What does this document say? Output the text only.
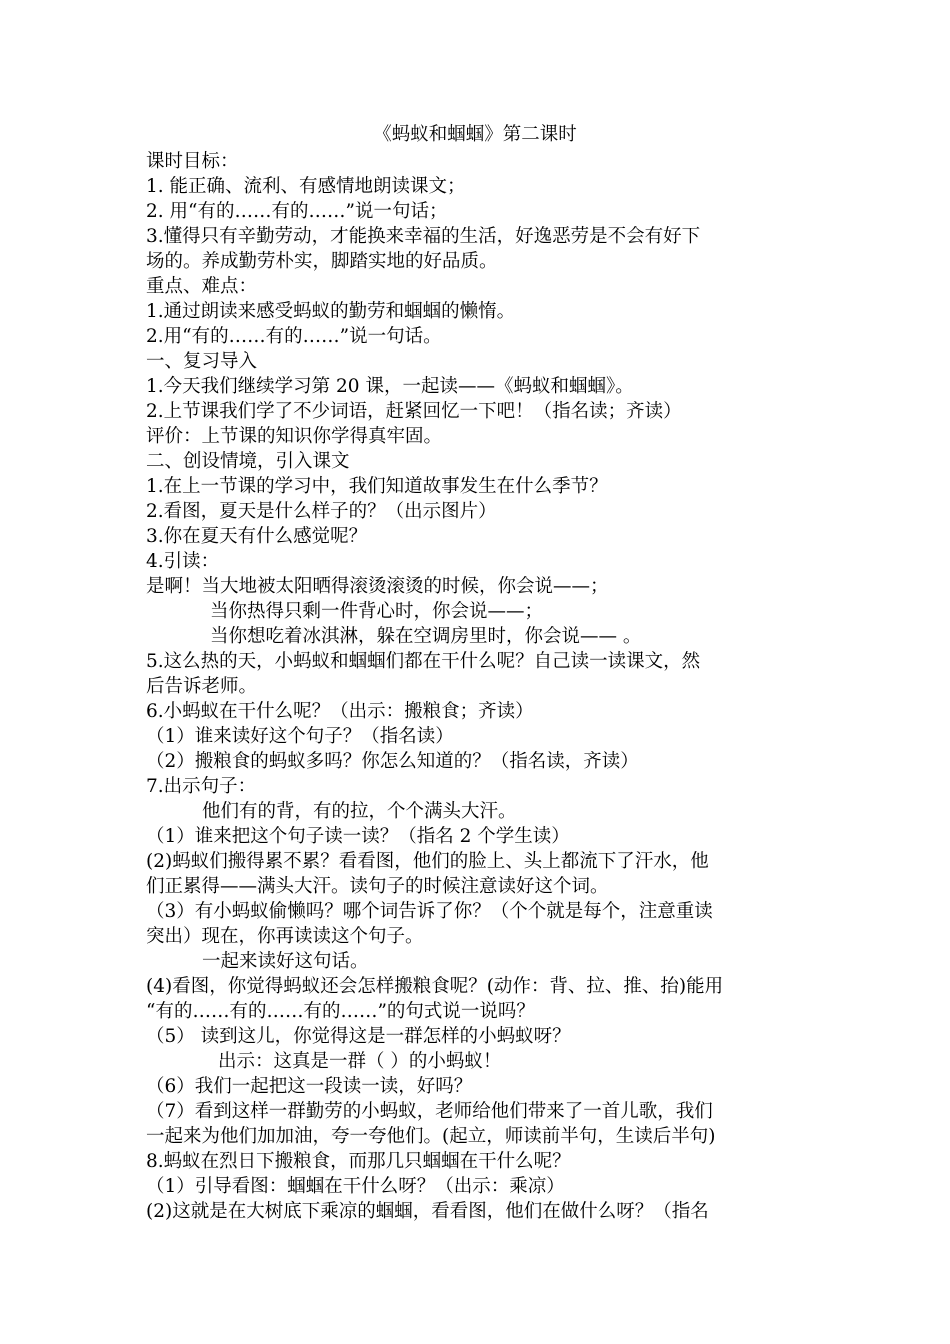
《蚂蚁和蝈蝈》第二课时
课时目标：
1. 能正确、流利、有感情地朗读课文；
2. 用“有的……有的……”说一句话；
3.懂得只有辛勤劳动，才能换来幸福的生活，好逸恶劳是不会有好下
场的。养成勤劳朴实，脚踏实地的好品质。
重点、难点：
1.通过朗读来感受蚂蚁的勤劳和蝈蝈的懒惰。
2.用“有的……有的……”说一句话。
一、复习导入
1.今天我们继续学习第 20 课，一起读——《蚂蚁和蝈蝈》。
2.上节课我们学了不少词语，赶紧回忆一下吧！（指名读；齐读）
评价：上节课的知识你学得真牢固。
二、创设情境，引入课文
1.在上一节课的学习中，我们知道故事发生在什么季节？
2.看图，夏天是什么样子的？（出示图片）
3.你在夏天有什么感觉呢？
4.引读：
是啊！当大地被太阳晒得滚烫滚烫的时候，你会说——；
当你热得只剩一件背心时，你会说——；
当你想吃着冰淇淋，躲在空调房里时，你会说—— 。
5.这么热的天，小蚂蚁和蝈蝈们都在干什么呢？自己读一读课文，然
后告诉老师。
6.小蚂蚁在干什么呢？（出示：搬粮食；齐读）
（1）谁来读好这个句子？（指名读）
（2）搬粮食的蚂蚁多吗？你怎么知道的？（指名读，齐读）
7.出示句子：
他们有的背，有的拉，个个满头大汗。
（1）谁来把这个句子读一读？（指名 2 个学生读）
(2)蚂蚁们搬得累不累？看看图，他们的脸上、头上都流下了汗水，他
们正累得——满头大汗。读句子的时候注意读好这个词。
（3）有小蚂蚁偷懒吗？哪个词告诉了你？（个个就是每个，注意重读
突出）现在，你再读读这个句子。
一起来读好这句话。
(4)看图，你觉得蚂蚁还会怎样搬粮食呢？(动作：背、拉、推、抬)能用
“有的……有的……有的……”的句式说一说吗？
（5） 读到这儿，你觉得这是一群怎样的小蚂蚁呀？
出示：这真是一群（ ）的小蚂蚁！
（6）我们一起把这一段读一读，好吗？
（7）看到这样一群勤劳的小蚂蚁，老师给他们带来了一首儿歌，我们
一起来为他们加加油，夸一夸他们。(起立，师读前半句，生读后半句)
8.蚂蚁在烈日下搬粮食，而那几只蝈蝈在干什么呢？
（1）引导看图：蝈蝈在干什么呀？（出示：乘凉）
(2)这就是在大树底下乘凉的蝈蝈，看看图，他们在做什么呀？（指名
